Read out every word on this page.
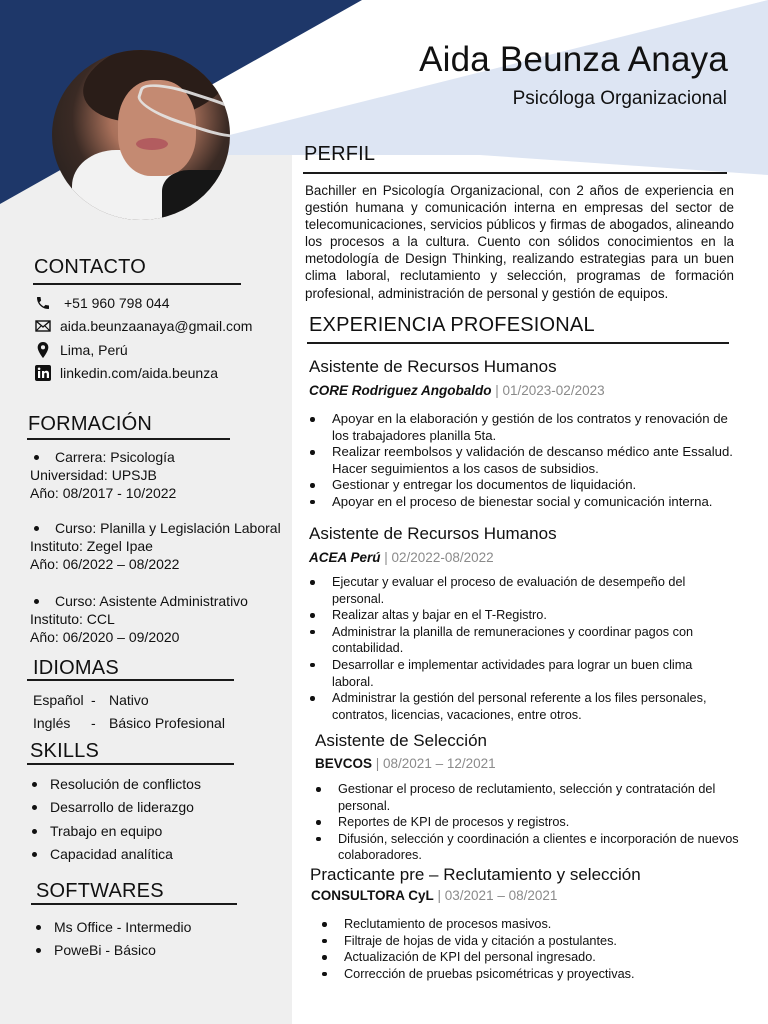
Aida Beunza Anaya
Psicóloga Organizacional
PERFIL
Bachiller en Psicología Organizacional, con 2 años de experiencia en gestión humana y comunicación interna en empresas del sector de telecomunicaciones, servicios públicos y firmas de abogados, alineando los procesos a la cultura. Cuento con sólidos conocimientos en la metodología de Design Thinking, realizando estrategias para un buen clima laboral, reclutamiento y selección, programas de formación profesional, administración de personal y gestión de equipos.
CONTACTO
+51 960 798 044
aida.beunzaanaya@gmail.com
Lima, Perú
linkedin.com/aida.beunza
FORMACIÓN
Carrera: Psicología
Universidad: UPSJB
Año: 08/2017 - 10/2022
Curso: Planilla y Legislación Laboral
Instituto: Zegel Ipae
Año: 06/2022 – 08/2022
Curso: Asistente Administrativo
Instituto: CCL
Año: 06/2020 – 09/2020
IDIOMAS
Español - Nativo
Inglés - Básico Profesional
SKILLS
Resolución de conflictos
Desarrollo de liderazgo
Trabajo en equipo
Capacidad analítica
SOFTWARES
Ms Office - Intermedio
PoweBi - Básico
EXPERIENCIA PROFESIONAL
Asistente de Recursos Humanos
CORE Rodriguez Angobaldo | 01/2023-02/2023
Apoyar en la elaboración y gestión de los contratos y renovación de los trabajadores planilla 5ta.
Realizar reembolsos y validación de descanso médico ante Essalud. Hacer seguimientos a los casos de subsidios.
Gestionar y entregar los documentos de liquidación.
Apoyar en el proceso de bienestar social y comunicación interna.
Asistente de Recursos Humanos
ACEA Perú | 02/2022-08/2022
Ejecutar y evaluar el proceso de evaluación de desempeño del personal.
Realizar altas y bajar en el T-Registro.
Administrar la planilla de remuneraciones y coordinar pagos con contabilidad.
Desarrollar e implementar actividades para lograr un buen clima laboral.
Administrar la gestión del personal referente a los files personales, contratos, licencias, vacaciones, entre otros.
Asistente de Selección
BEVCOS | 08/2021 – 12/2021
Gestionar el proceso de reclutamiento, selección y contratación del personal.
Reportes de KPI de procesos y registros.
Difusión, selección y coordinación a clientes e incorporación de nuevos colaboradores.
Practicante pre – Reclutamiento y selección
CONSULTORA CyL | 03/2021 – 08/2021
Reclutamiento de procesos masivos.
Filtraje de hojas de vida y citación a postulantes.
Actualización de KPI del personal ingresado.
Corrección de pruebas psicométricas y proyectivas.
